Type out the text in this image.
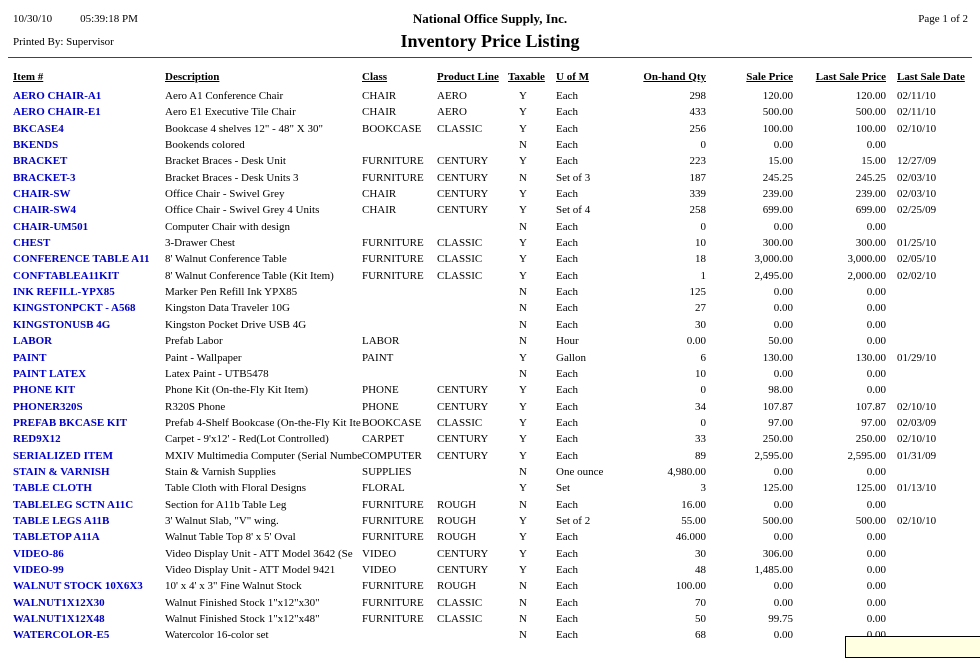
10/30/10	05:39:18 PM
Printed By: Supervisor
National Office Supply, Inc.
Inventory Price Listing
Page 1 of 2
Item #	Description	Class	Product Line	Taxable	U of M	On-hand Qty	Sale Price	Last Sale Price	Last Sale Date
AERO CHAIR-A1	Aero A1 Conference Chair	CHAIR	AERO	Y	Each	298	120.00	120.00	02/11/10
AERO CHAIR-E1	Aero E1 Executive Tile Chair	CHAIR	AERO	Y	Each	433	500.00	500.00	02/11/10
BKCASE4	Bookcase 4 shelves 12" - 48" X 30"	BOOKCASE	CLASSIC	Y	Each	256	100.00	100.00	02/10/10
BKENDS	Bookends colored			N	Each	0	0.00	0.00	
BRACKET	Bracket Braces - Desk Unit	FURNITURE	CENTURY	Y	Each	223	15.00	15.00	12/27/09
BRACKET-3	Bracket Braces - Desk Units 3	FURNITURE	CENTURY	N	Set of 3	187	245.25	245.25	02/03/10
CHAIR-SW	Office Chair - Swivel Grey	CHAIR	CENTURY	Y	Each	339	239.00	239.00	02/03/10
CHAIR-SW4	Office Chair - Swivel Grey 4 Units	CHAIR	CENTURY	Y	Set of 4	258	699.00	699.00	02/25/09
CHAIR-UM501	Computer Chair with design			N	Each	0	0.00	0.00	
CHEST	3-Drawer Chest	FURNITURE	CLASSIC	Y	Each	10	300.00	300.00	01/25/10
CONFERENCE TABLE A11	8' Walnut Conference Table	FURNITURE	CLASSIC	Y	Each	18	3,000.00	3,000.00	02/05/10
CONFTABLEA11KIT	8' Walnut Conference Table (Kit Item)	FURNITURE	CLASSIC	Y	Each	1	2,495.00	2,000.00	02/02/10
INK REFILL-YPX85	Marker Pen Refill Ink YPX85			N	Each	125	0.00	0.00	
KINGSTONPCKT - A568	Kingston Data Traveler 10G			N	Each	27	0.00	0.00	
KINGSTONUSB 4G	Kingston Pocket Drive USB 4G			N	Each	30	0.00	0.00	
LABOR	Prefab Labor	LABOR		N	Hour	0.00	50.00	0.00	
PAINT	Paint - Wallpaper	PAINT		Y	Gallon	6	130.00	130.00	01/29/10
PAINT LATEX	Latex Paint - UTB5478			N	Each	10	0.00	0.00	
PHONE KIT	Phone Kit (On-the-Fly Kit Item)	PHONE	CENTURY	Y	Each	0	98.00	0.00	
PHONER320S	R320S Phone	PHONE	CENTURY	Y	Each	34	107.87	107.87	02/10/10
PREFAB BKCASE KIT	Prefab 4-Shelf Bookcase (On-the-Fly Kit Ite	BOOKCASE	CLASSIC	Y	Each	0	97.00	97.00	02/03/09
RED9X12	Carpet - 9'x12' - Red(Lot Controlled)	CARPET	CENTURY	Y	Each	33	250.00	250.00	02/10/10
SERIALIZED ITEM	MXIV Multimedia Computer (Serial Numbe	COMPUTER	CENTURY	Y	Each	89	2,595.00	2,595.00	01/31/09
STAIN & VARNISH	Stain & Varnish Supplies	SUPPLIES		N	One ounce	4,980.00	0.00	0.00	
TABLE CLOTH	Table Cloth with Floral Designs	FLORAL		Y	Set	3	125.00	125.00	01/13/10
TABLELEG SCTN A11C	Section for A11b Table Leg	FURNITURE	ROUGH	N	Each	16.00	0.00	0.00	
TABLE LEGS A11B	3' Walnut Slab, "V" wing.	FURNITURE	ROUGH	Y	Set of 2	55.00	500.00	500.00	02/10/10
TABLETOP A11A	Walnut Table Top 8' x 5' Oval	FURNITURE	ROUGH	Y	Each	46.000	0.00	0.00	
VIDEO-86	Video Display Unit - ATT Model 3642 (Se	VIDEO	CENTURY	Y	Each	30	306.00	0.00	
VIDEO-99	Video Display Unit - ATT Model 9421	VIDEO	CENTURY	Y	Each	48	1,485.00	0.00	
WALNUT STOCK 10X6X3	10' x 4' x 3" Fine Walnut Stock	FURNITURE	ROUGH	N	Each	100.00	0.00	0.00	
WALNUT1X12X30	Walnut Finished Stock 1"x12"x30"	FURNITURE	CLASSIC	N	Each	70	0.00	0.00	
WALNUT1X12X48	Walnut Finished Stock 1"x12"x48"	FURNITURE	CLASSIC	N	Each	50	99.75	0.00	
WATERCOLOR-E5	Watercolor 16-color set			N	Each	68	0.00		
